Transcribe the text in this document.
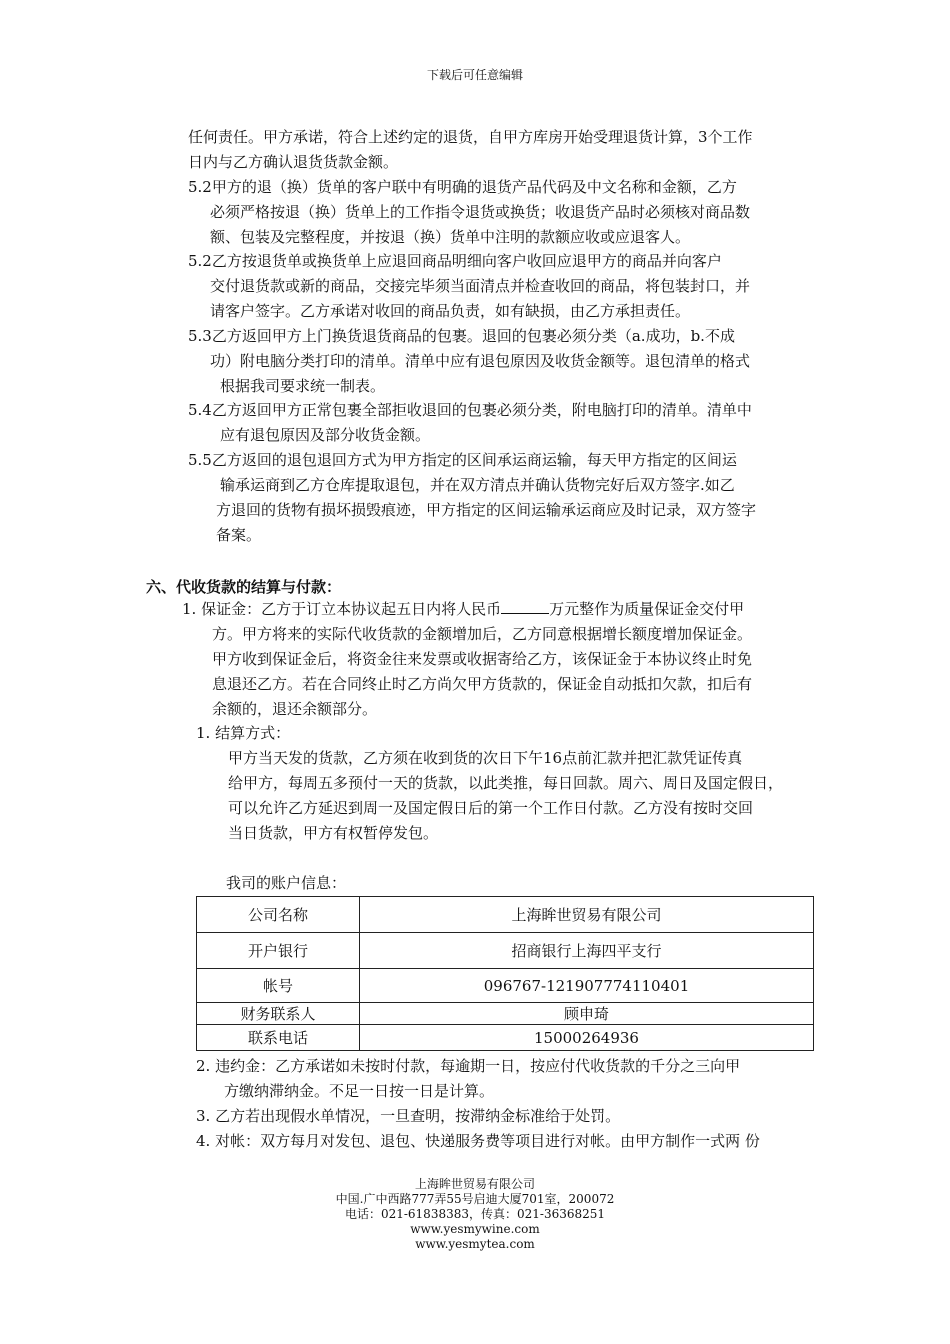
下载后可任意编辑
任何责任。甲方承诺，符合上述约定的退货，自甲方库房开始受理退货计算，3个工作
日内与乙方确认退货货款金额。
5.2甲方的退（换）货单的客户联中有明确的退货产品代码及中文名称和金额，乙方
必须严格按退（换）货单上的工作指令退货或换货；收退货产品时必须核对商品数
额、包装及完整程度，并按退（换）货单中注明的款额应收或应退客人。
5.2乙方按退货单或换货单上应退回商品明细向客户收回应退甲方的商品并向客户
交付退货款或新的商品，交接完毕须当面清点并检查收回的商品，将包装封口，并
请客户签字。乙方承诺对收回的商品负责，如有缺损，由乙方承担责任。
5.3乙方返回甲方上门换货退货商品的包裹。退回的包裹必须分类（a.成功，b.不成
功）附电脑分类打印的清单。清单中应有退包原因及收货金额等。退包清单的格式
根据我司要求统一制表。
5.4乙方返回甲方正常包裹全部拒收退回的包裹必须分类，附电脑打印的清单。清单中
应有退包原因及部分收货金额。
5.5乙方返回的退包退回方式为甲方指定的区间承运商运输，每天甲方指定的区间运
输承运商到乙方仓库提取退包，并在双方清点并确认货物完好后双方签字.如乙
方退回的货物有损坏损毁痕迹，甲方指定的区间运输承运商应及时记录，双方签字
备案。
六、代收货款的结算与付款：
1. 保证金：乙方于订立本协议起五日内将人民币	万元整作为质量保证金交付甲
方。甲方将来的实际代收货款的金额增加后，乙方同意根据增长额度增加保证金。
甲方收到保证金后，将资金往来发票或收据寄给乙方，该保证金于本协议终止时免
息退还乙方。若在合同终止时乙方尚欠甲方货款的，保证金自动抵扣欠款，扣后有
余额的，退还余额部分。
1. 结算方式：
甲方当天发的货款，乙方须在收到货的次日下午16点前汇款并把汇款凭证传真
给甲方，每周五多预付一天的货款，以此类推，每日回款。周六、周日及国定假日，
可以允许乙方延迟到周一及国定假日后的第一个工作日付款。乙方没有按时交回
当日货款，甲方有权暂停发包。
我司的账户信息：
公司名称	上海眸世贸易有限公司
开户银行	招商银行上海四平支行
帐号	096767-121907774110401
财务联系人	顾申琦
联系电话	15000264936
2. 违约金：乙方承诺如未按时付款，每逾期一日，按应付代收货款的千分之三向甲
方缴纳滞纳金。不足一日按一日是计算。
3. 乙方若出现假水单情况，一旦查明，按滞纳金标准给于处罚。
4. 对帐：双方每月对发包、退包、快递服务费等项目进行对帐。由甲方制作一式两 份
上海眸世贸易有限公司
中国.广中西路777弄55号启迪大厦701室，200072
电话：021-61838383，传真：021-36368251
www.yesmywine.com
www.yesmytea.com
